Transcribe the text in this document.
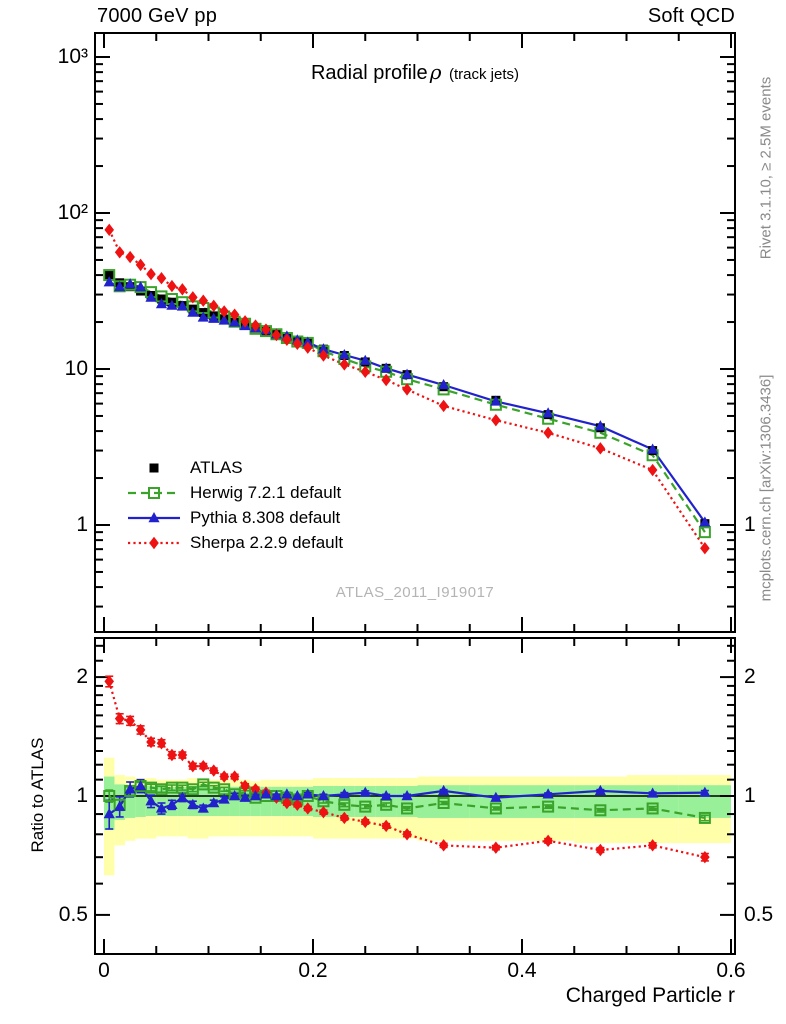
7000 GeV pp	Soft QCD
Radial profile ρ (track jets)
ATLAS_2011_I919017
Rivet 3.1.10, ≥ 2.5M events
mcplots.cern.ch [arXiv:1306.3436]
Ratio to ATLAS
Charged Particle r
ATLAS
Herwig 7.2.1 default
Pythia 8.308 default
Sherpa 2.2.9 default
0	0.2	0.4	0.6
10³
10²
10
1	1
2	2
1	1
0.5	0.5
